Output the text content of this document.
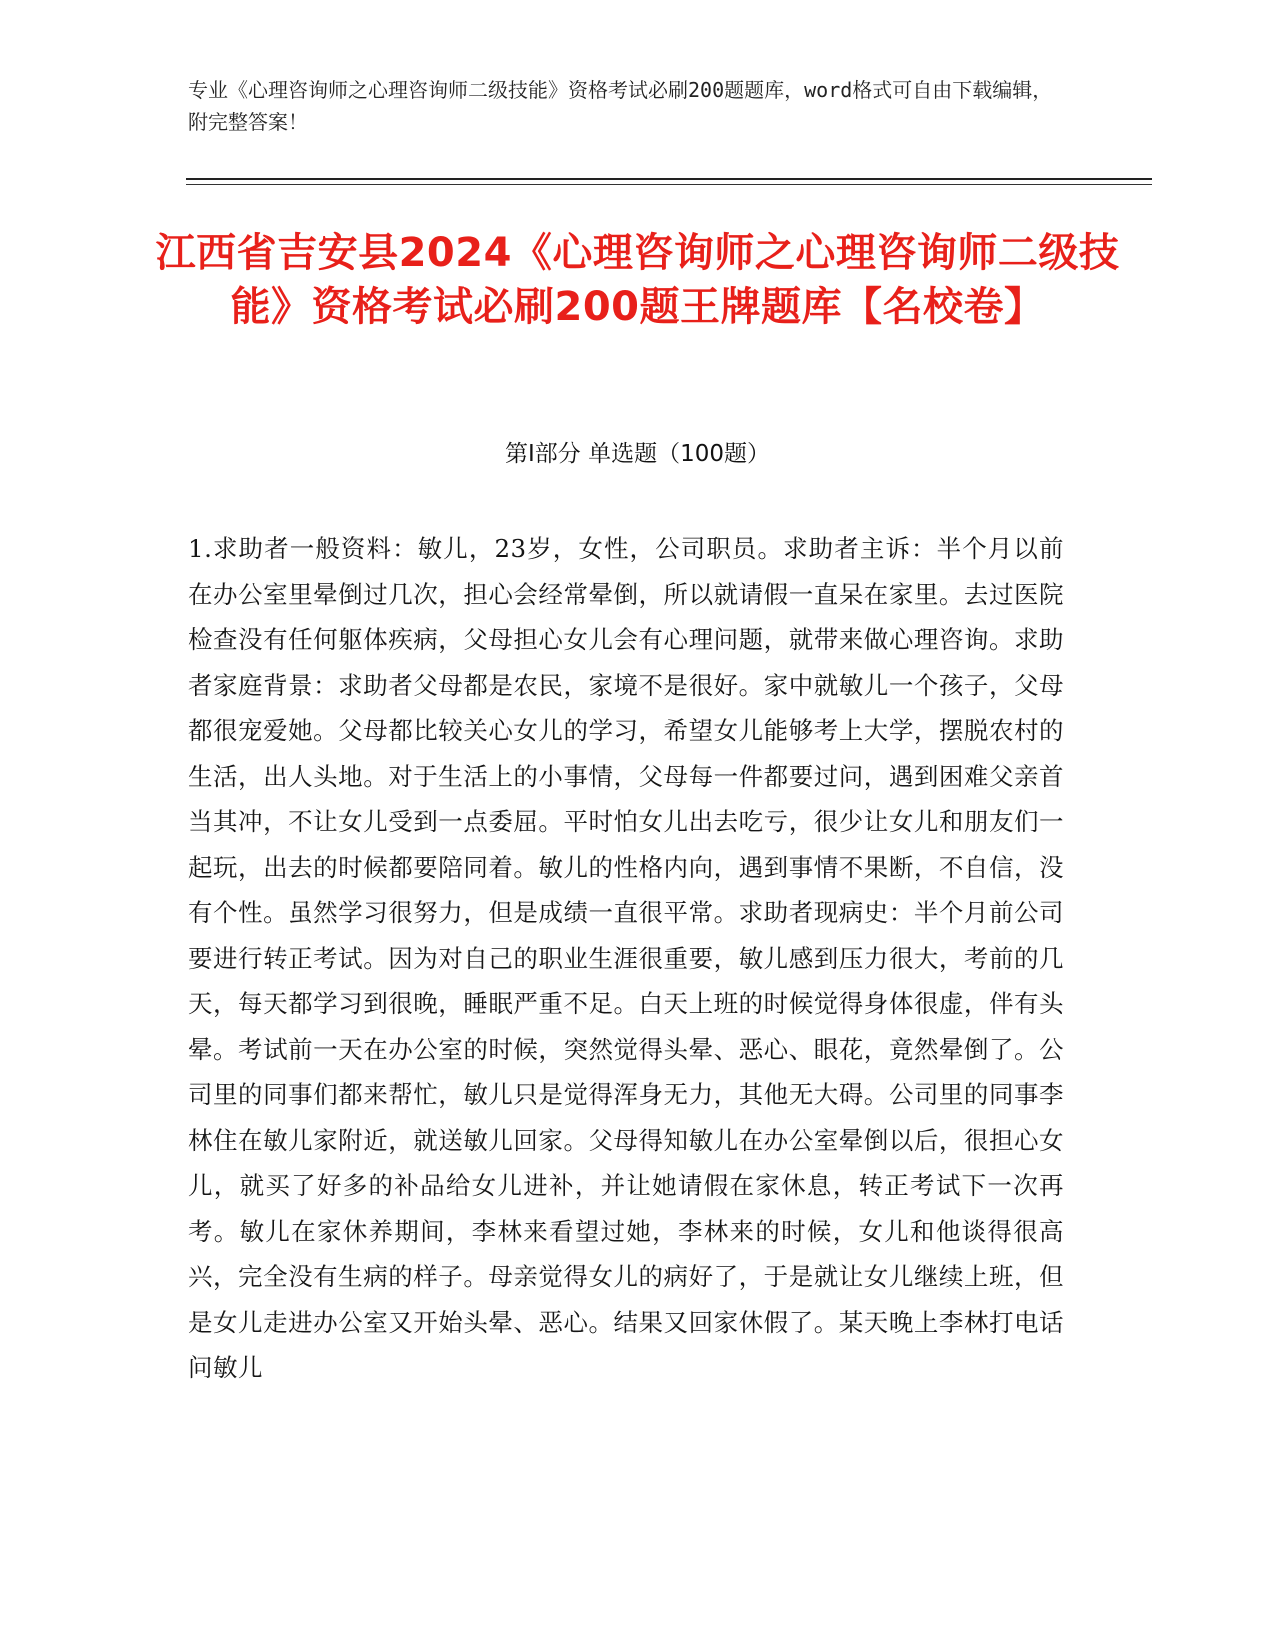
专业《心理咨询师之心理咨询师二级技能》资格考试必刷200题题库，word格式可自由下载编辑，附完整答案！
江西省吉安县2024《心理咨询师之心理咨询师二级技能》资格考试必刷200题王牌题库【名校卷】
第Ⅰ部分 单选题（100题）
1.求助者一般资料：敏儿，23岁，女性，公司职员。求助者主诉：半个月以前在办公室里晕倒过几次，担心会经常晕倒，所以就请假一直呆在家里。去过医院检查没有任何躯体疾病，父母担心女儿会有心理问题，就带来做心理咨询。求助者家庭背景：求助者父母都是农民，家境不是很好。家中就敏儿一个孩子，父母都很宠爱她。父母都比较关心女儿的学习，希望女儿能够考上大学，摆脱农村的生活，出人头地。对于生活上的小事情，父母每一件都要过问，遇到困难父亲首当其冲，不让女儿受到一点委屈。平时怕女儿出去吃亏，很少让女儿和朋友们一起玩，出去的时候都要陪同着。敏儿的性格内向，遇到事情不果断，不自信，没有个性。虽然学习很努力，但是成绩一直很平常。求助者现病史：半个月前公司要进行转正考试。因为对自己的职业生涯很重要，敏儿感到压力很大，考前的几天，每天都学习到很晚，睡眠严重不足。白天上班的时候觉得身体很虚，伴有头晕。考试前一天在办公室的时候，突然觉得头晕、恶心、眼花，竟然晕倒了。公司里的同事们都来帮忙，敏儿只是觉得浑身无力，其他无大碍。公司里的同事李林住在敏儿家附近，就送敏儿回家。父母得知敏儿在办公室晕倒以后，很担心女儿，就买了好多的补品给女儿进补，并让她请假在家休息，转正考试下一次再考。敏儿在家休养期间，李林来看望过她，李林来的时候，女儿和他谈得很高兴，完全没有生病的样子。母亲觉得女儿的病好了，于是就让女儿继续上班，但是女儿走进办公室又开始头晕、恶心。结果又回家休假了。某天晚上李林打电话问敏儿
